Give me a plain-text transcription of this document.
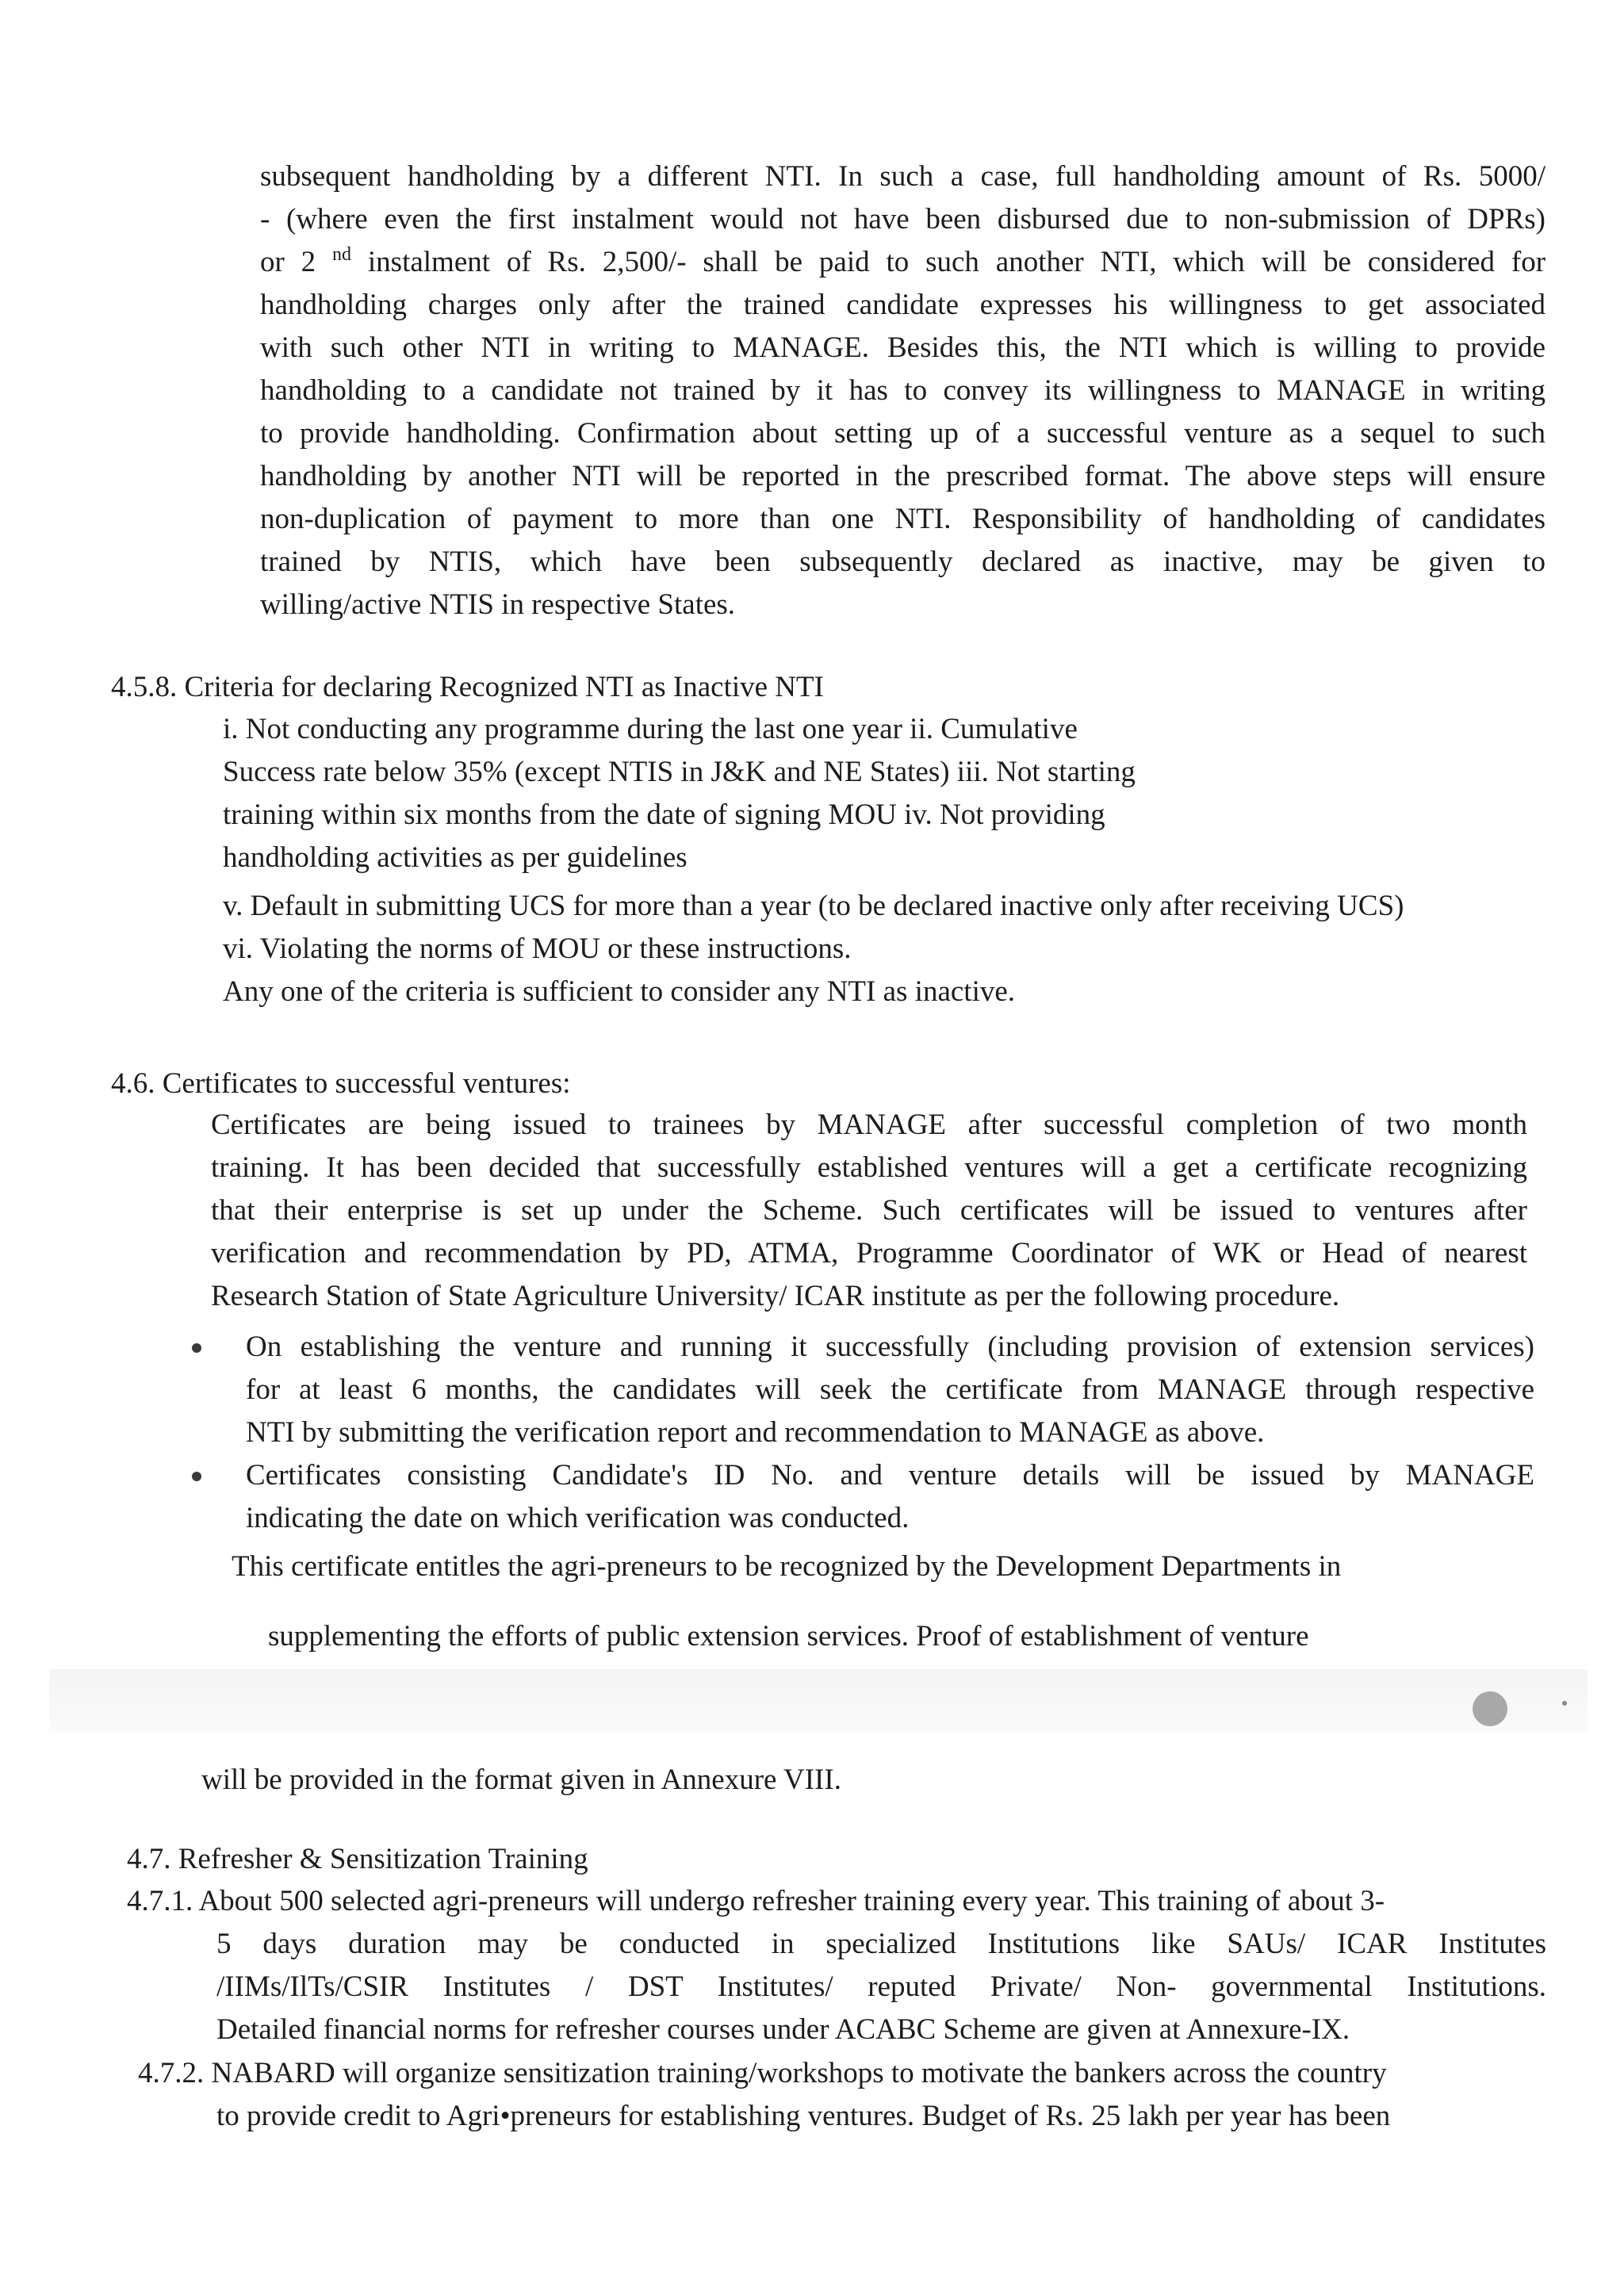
subsequent handholding by a different NTI. In such a case, full handholding amount of Rs. 5000/
- (where even the first instalment would not have been disbursed due to non-submission of DPRs)
or 2 $^{nd}$ instalment of Rs. 2,500/- shall be paid to such another NTI, which will be considered for
handholding charges only after the trained candidate expresses his willingness to get associated
with such other NTI in writing to MANAGE. Besides this, the NTI which is willing to provide
handholding to a candidate not trained by it has to convey its willingness to MANAGE in writing
to provide handholding. Confirmation about setting up of a successful venture as a sequel to such
handholding by another NTI will be reported in the prescribed format. The above steps will ensure
non-duplication of payment to more than one NTI. Responsibility of handholding of candidates
trained by NTIS, which have been subsequently declared as inactive, may be given to
willing/active NTIS in respective States.
4.5.8. Criteria for declaring Recognized NTI as Inactive NTI
i. Not conducting any programme during the last one year ii. Cumulative
Success rate below 35% (except NTIS in J&K and NE States) iii. Not starting
training within six months from the date of signing MOU iv. Not providing
handholding activities as per guidelines
v. Default in submitting UCS for more than a year (to be declared inactive only after receiving UCS)
vi. Violating the norms of MOU or these instructions.
Any one of the criteria is sufficient to consider any NTI as inactive.
4.6. Certificates to successful ventures:
Certificates are being issued to trainees by MANAGE after successful completion of two month
training. It has been decided that successfully established ventures will a get a certificate recognizing
that their enterprise is set up under the Scheme. Such certificates will be issued to ventures after
verification and recommendation by PD, ATMA, Programme Coordinator of WK or Head of nearest
Research Station of State Agriculture University/ ICAR institute as per the following procedure.
On establishing the venture and running it successfully (including provision of extension services)
for at least 6 months, the candidates will seek the certificate from MANAGE through respective
NTI by submitting the verification report and recommendation to MANAGE as above.
Certificates consisting Candidate's ID No. and venture details will be issued by MANAGE
indicating the date on which verification was conducted.
This certificate entitles the agri-preneurs to be recognized by the Development Departments in
supplementing the efforts of public extension services. Proof of establishment of venture
will be provided in the format given in Annexure VIII.
4.7. Refresher & Sensitization Training
4.7.1. About 500 selected agri-preneurs will undergo refresher training every year. This training of about 3-
5 days duration may be conducted in specialized Institutions like SAUs/ ICAR Institutes
/IIMs/IlTs/CSIR Institutes / DST Institutes/ reputed Private/ Non- governmental Institutions.
Detailed financial norms for refresher courses under ACABC Scheme are given at Annexure-IX.
4.7.2. NABARD will organize sensitization training/workshops to motivate the bankers across the country
to provide credit to Agri•preneurs for establishing ventures. Budget of Rs. 25 lakh per year has been
